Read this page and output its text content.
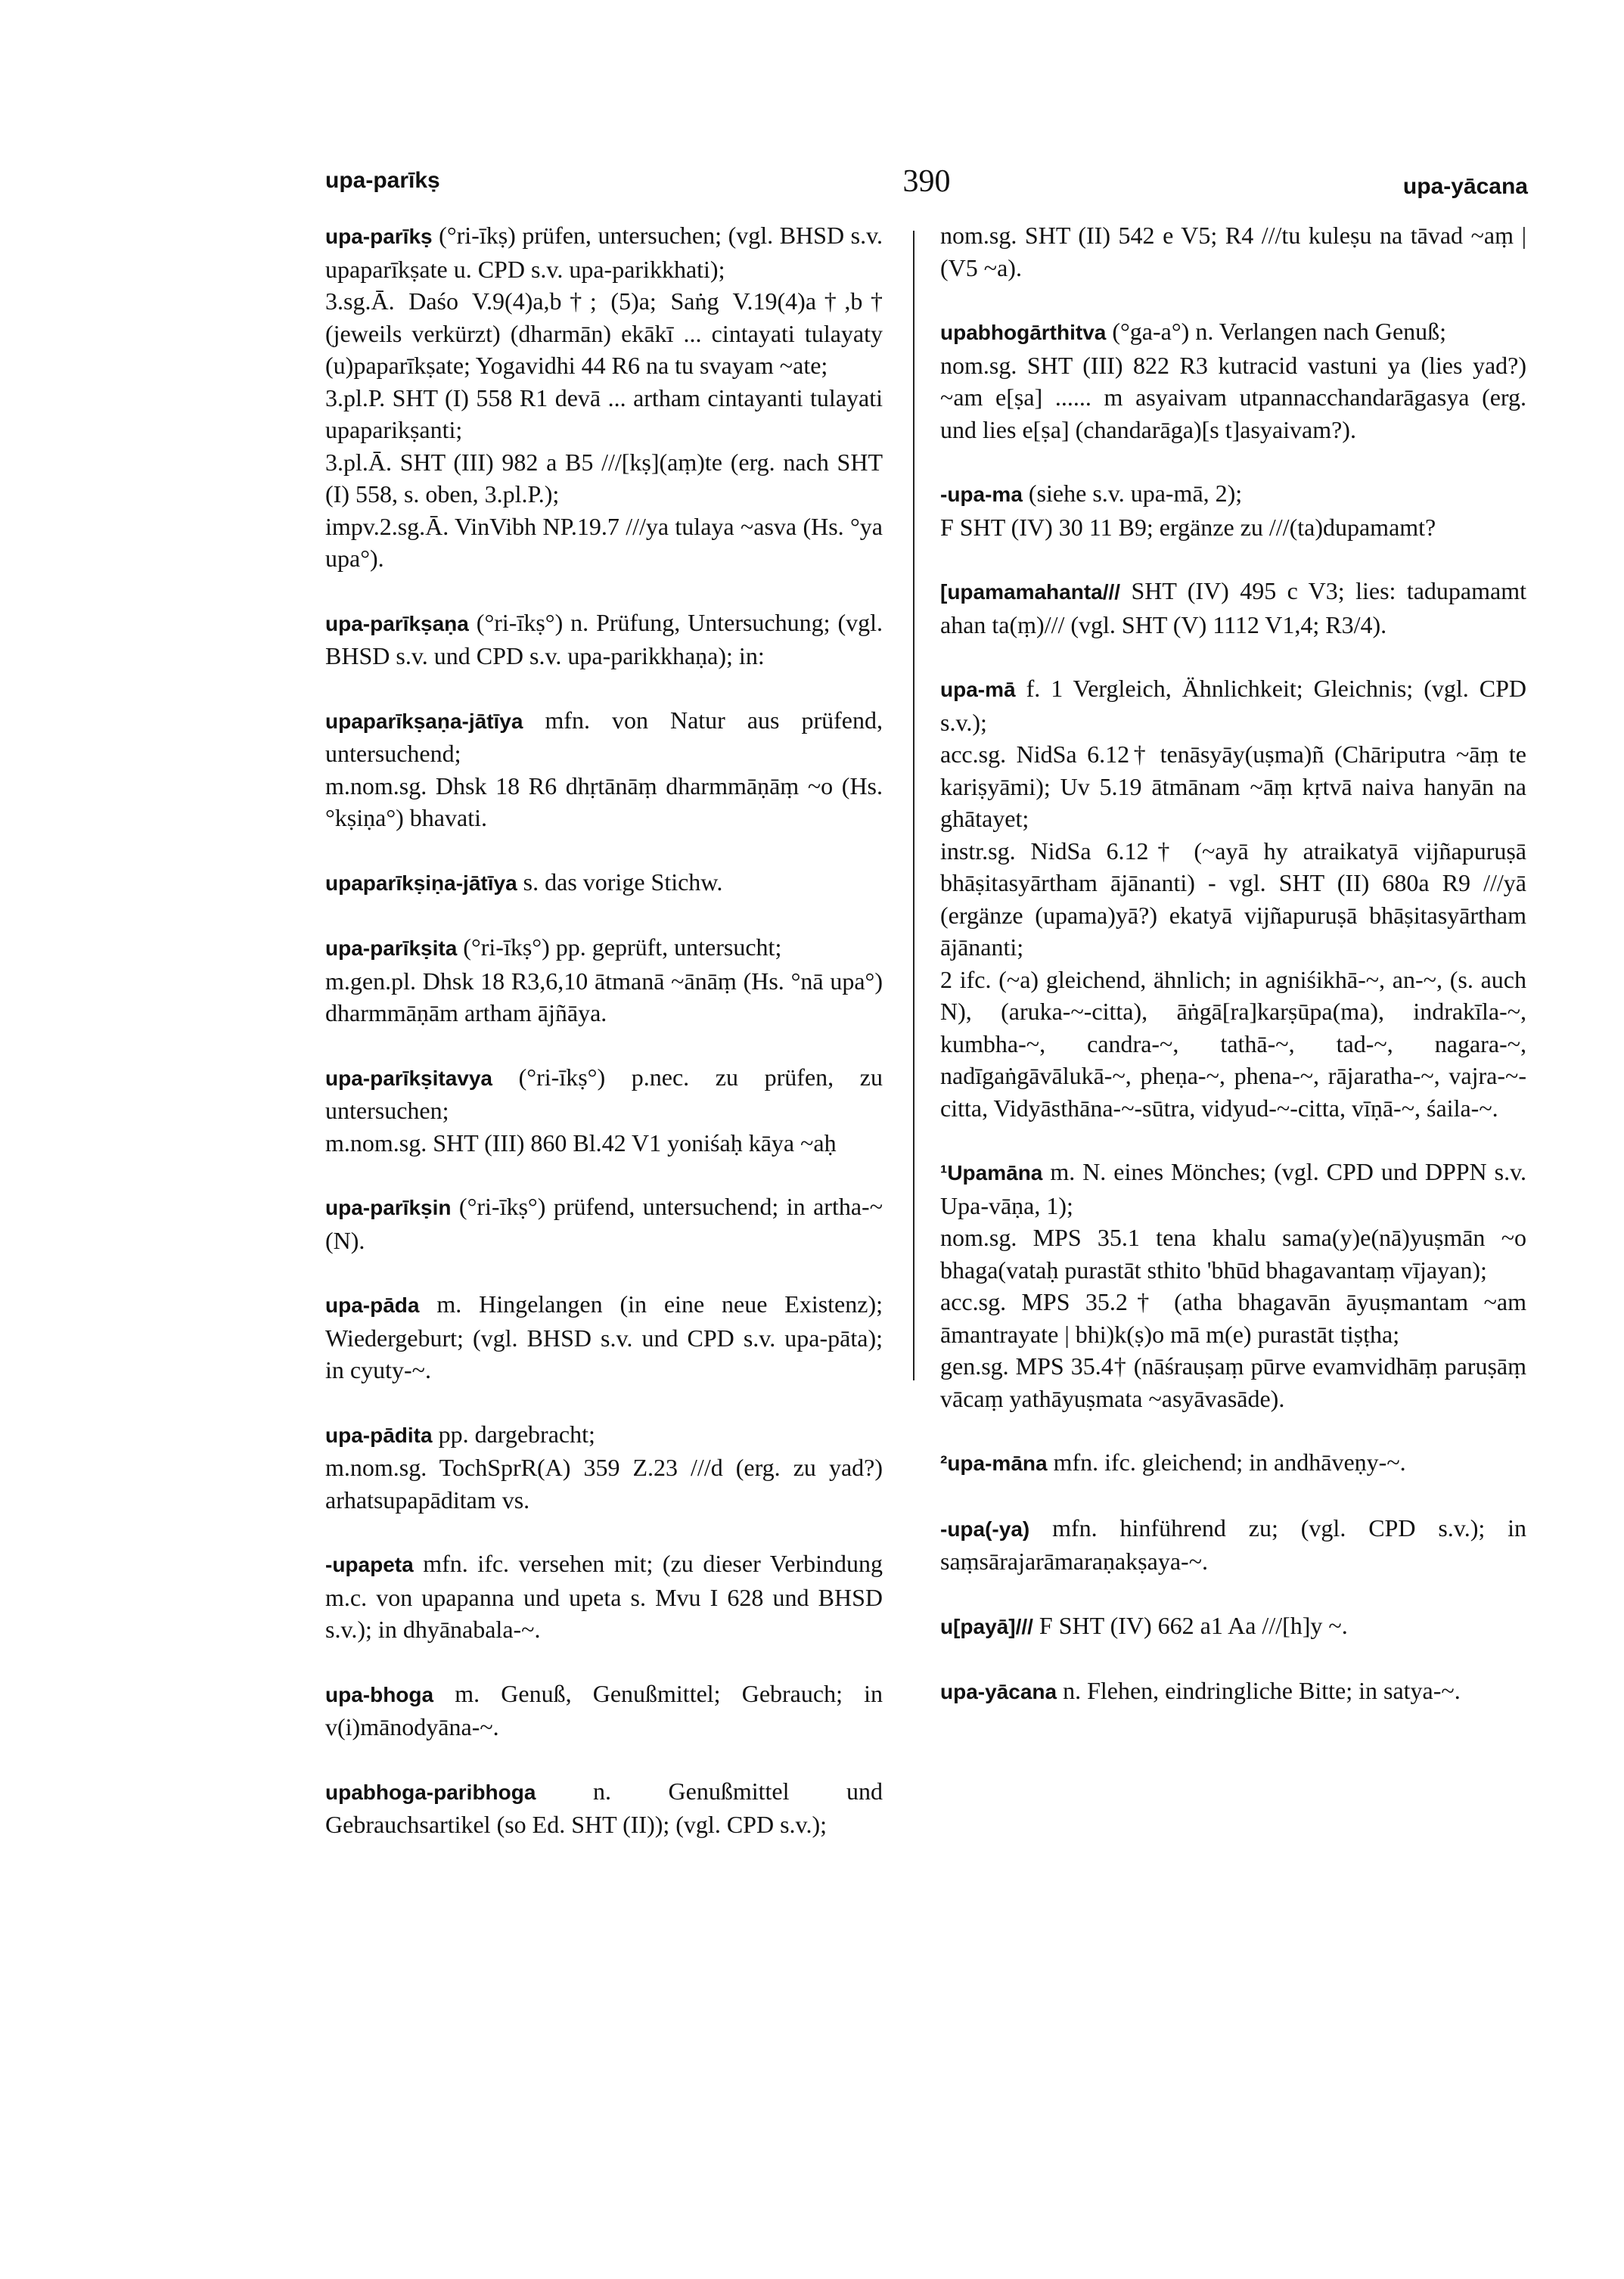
upa-parīkṣ	390	upa-yācana

upa-parīkṣ (°ri-īkṣ) prüfen, untersuchen; (vgl. BHSD s.v. upaparīkṣate u. CPD s.v. upa-parikkhati);

3.sg.Ā. Daśo V.9(4)a,b†; (5)a; Saṅg V.19(4)a†,b† (jeweils verkürzt) (dharmān) ekākī ... cintayati tulayaty (u)paparīkṣate; Yogavidhi 44 R6 na tu svayam ~ate;

3.pl.P. SHT (I) 558 R1 devā ... artham cintayanti tulayati upaparikṣanti;

3.pl.Ā. SHT (III) 982 a B5 ///[kṣ](aṃ)te (erg. nach SHT (I) 558, s. oben, 3.pl.P.);

impv.2.sg.Ā. VinVibh NP.19.7 ///ya tulaya ~asva (Hs. °ya upa°).

upa-parīkṣaṇa (°ri-īkṣ°) n. Prüfung, Untersuchung; (vgl. BHSD s.v. und CPD s.v. upa-parikkhaṇa); in:

upaparīkṣaṇa-jātīya mfn. von Natur aus prüfend, untersuchend;

m.nom.sg. Dhsk 18 R6 dhṛtānāṃ dharmmāṇāṃ ~o (Hs. °kṣiṇa°) bhavati.

upaparīkṣiṇa-jātīya s. das vorige Stichw.

upa-parīkṣita (°ri-īkṣ°) pp. geprüft, untersucht;

m.gen.pl. Dhsk 18 R3,6,10 ātmanā ~ānāṃ (Hs. °nā upa°) dharmmāṇām artham ājñāya.

upa-parīkṣitavya (°ri-īkṣ°) p.nec. zu prüfen, zu untersuchen;

m.nom.sg. SHT (III) 860 Bl.42 V1 yoniśaḥ kāya ~aḥ

upa-parīkṣin (°ri-īkṣ°) prüfend, untersuchend; in artha-~ (N).

upa-pāda m. Hingelangen (in eine neue Existenz); Wiedergeburt; (vgl. BHSD s.v. und CPD s.v. upa-pāta); in cyuty-~.

upa-pādita pp. dargebracht;

m.nom.sg. TochSprR(A) 359 Z.23 ///d (erg. zu yad?) arhatsupapāditam vs.

-upapeta mfn. ifc. versehen mit; (zu dieser Verbindung m.c. von upapanna und upeta s. Mvu I 628 und BHSD s.v.); in dhyānabala-~.

upa-bhoga m. Genuß, Genußmittel; Gebrauch; in v(i)mānodyāna-~.

upabhoga-paribhoga n. Genußmittel und Gebrauchsartikel (so Ed. SHT (II)); (vgl. CPD s.v.);

nom.sg. SHT (II) 542 e V5; R4 ///tu kuleṣu na tāvad ~aṃ | (V5 ~a).

upabhogārthitva (°ga-a°) n. Verlangen nach Genuß;

nom.sg. SHT (III) 822 R3 kutracid vastuni ya (lies yad?) ~am e[ṣa] ...... m asyaivam utpannacchandarāgasya (erg. und lies e[ṣa] (chandarāga)[s t]asyaivam?).

-upa-ma (siehe s.v. upa-mā, 2);

F SHT (IV) 30 11 B9; ergänze zu ///(ta)dupamamt?

[upamamahanta/// SHT (IV) 495 c V3; lies: tadupamamt ahan ta(ṃ)/// (vgl. SHT (V) 1112 V1,4; R3/4).

upa-mā f. 1 Vergleich, Ähnlichkeit; Gleichnis; (vgl. CPD s.v.);

acc.sg. NidSa 6.12† tenāsyāy(uṣma)ñ (Chāriputra ~āṃ te kariṣyāmi); Uv 5.19 ātmānam ~āṃ kṛtvā naiva hanyān na ghātayet;

instr.sg. NidSa 6.12† (~ayā hy atraikatyā vijñapuruṣā bhāṣitasyārtham ājānanti) - vgl. SHT (II) 680a R9 ///yā (ergänze (upama)yā?) ekatyā vijñapuruṣā bhāṣitasyārtham ājānanti;

2 ifc. (~a) gleichend, ähnlich; in agniśikhā-~, an-~, (s. auch N), (aruka-~-citta), āṅgā[ra]karṣūpa(ma), indrakīla-~, kumbha-~, candra-~, tathā-~, tad-~, nagara-~, nadīgaṅgāvālukā-~, pheṇa-~, phena-~, rājaratha-~, vajra-~-citta, Vidyāsthāna-~-sūtra, vidyud-~-citta, vīṇā-~, śaila-~.

¹Upamāna m. N. eines Mönches; (vgl. CPD und DPPN s.v. Upa-vāṇa, 1);

nom.sg. MPS 35.1 tena khalu sama(y)e(nā)yuṣmān ~o bhaga(vataḥ purastāt sthito 'bhūd bhagavantaṃ vījayan);

acc.sg. MPS 35.2† (atha bhagavān āyuṣmantam ~am āmantrayate | bhi)k(ṣ)o mā m(e) purastāt tiṣṭha;

gen.sg. MPS 35.4† (nāśrauṣaṃ pūrve evamvidhāṃ paruṣāṃ vācaṃ yathāyuṣmata ~asyāvasāde).

²upa-māna mfn. ifc. gleichend; in andhāveṇy-~.

-upa(-ya) mfn. hinführend zu; (vgl. CPD s.v.); in saṃsārajarāmaraṇakṣaya-~.

u[payā]/// F SHT (IV) 662 a1 Aa ///[h]y ~.

upa-yācana n. Flehen, eindringliche Bitte; in satya-~.
